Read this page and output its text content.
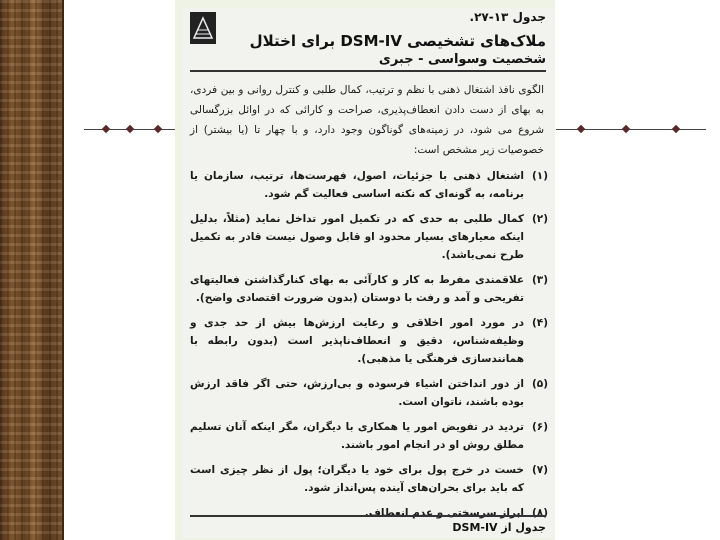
جدول ۱۳-۲۷.
ملاک‌های تشخیصی DSM-IV برای اختلال
شخصیت وسواسی - جبری
الگوی نافذ اشتغال ذهنی با نظم و ترتیب، کمال طلبی و کنترل روانی و بین فردی، به بهای از دست دادن انعطاف‌پذیری، صراحت و کارائی که در اوائل بزرگسالی شروع می شود، در زمینه‌های گوناگون وجود دارد، و با چهار تا (یا بیشتر) از خصوصیات زیر مشخص است:
(۱)
اشتغال ذهنی با جزئیات، اصول، فهرست‌ها، ترتیب، سازمان یا برنامه، به گونه‌ای که نکته اساسی فعالیت گم شود.
(۲)
کمال طلبی به حدی که در تکمیل امور تداخل نماید (مثلاً، بدلیل اینکه معیارهای بسیار محدود او قابل وصول نیست قادر به تکمیل طرح نمی‌باشد).
(۳)
علاقمندی مفرط به کار و کارآئی به بهای کنارگذاشتن فعالیتهای تفریحی و آمد و رفت با دوستان (بدون ضرورت اقتصادی واضح).
(۴)
در مورد امور اخلاقی و رعایت ارزش‌ها بیش از حد جدی و وظیفه‌شناس، دقیق و انعطاف‌ناپذیر است (بدون رابطه با همانندسازی فرهنگی یا مذهبی).
(۵)
از دور انداختن اشیاء فرسوده و بی‌ارزش، حتی اگر فاقد ارزش بوده باشند، ناتوان است.
(۶)
تردید در تفویض امور یا همکاری با دیگران، مگر اینکه آنان تسلیم مطلق روش او در انجام امور باشند.
(۷)
خست در خرج پول برای خود یا دیگران؛ پول از نظر چیزی است که باید برای بحران‌های آینده پس‌انداز شود.
(۸)
ابراز سرسختی و عدم انعطاف.
جدول از DSM-IV
